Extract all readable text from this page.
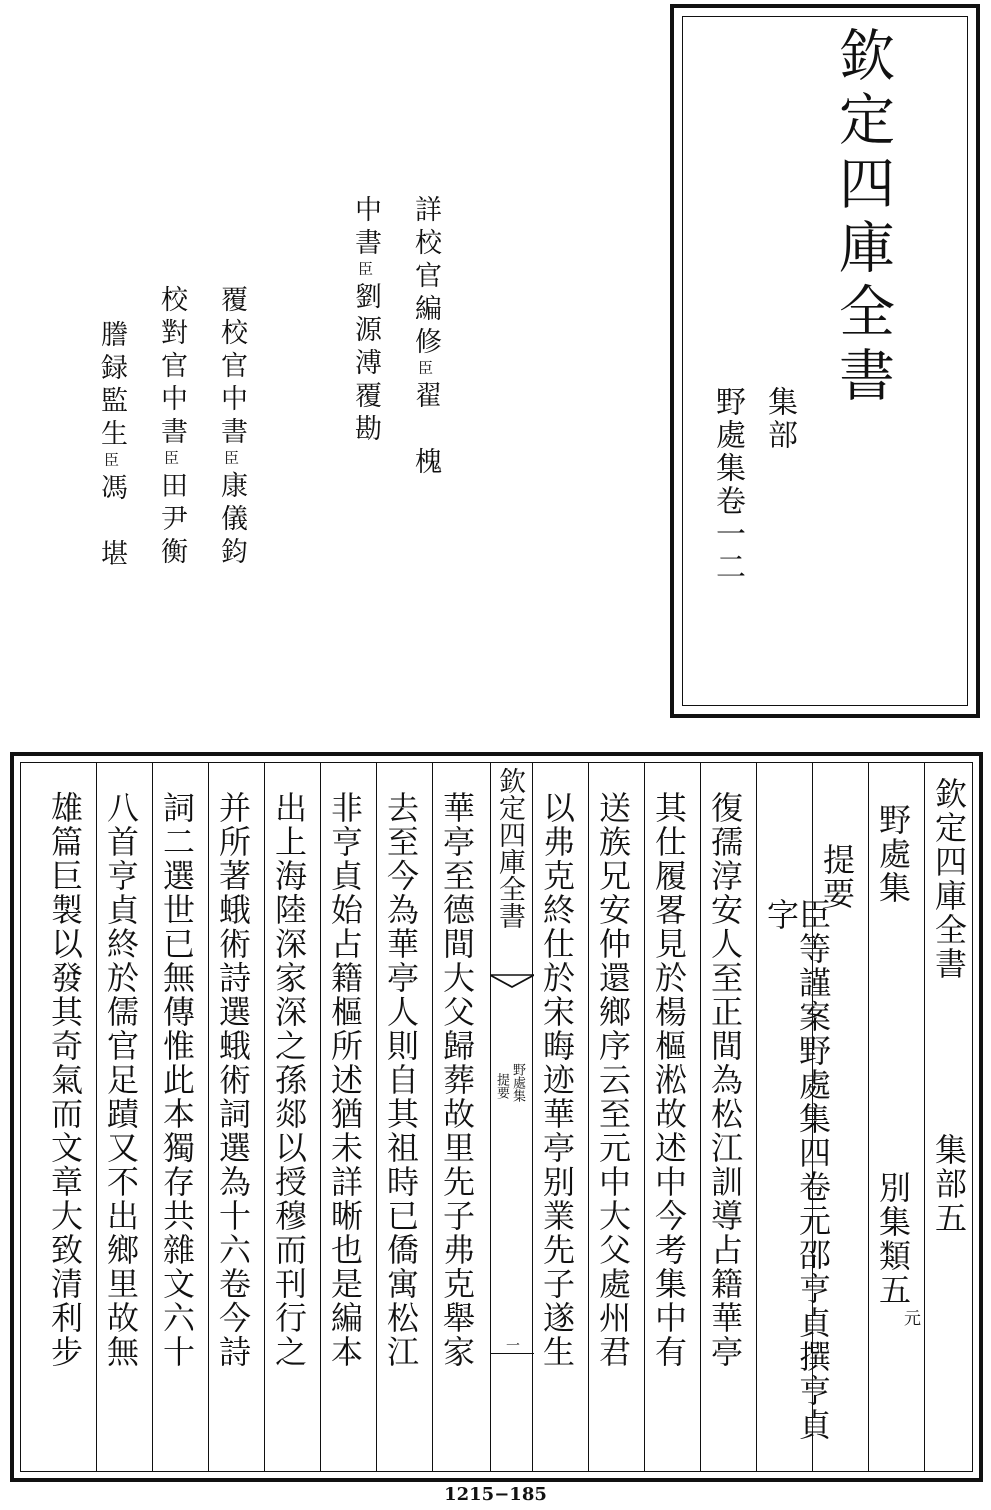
欽定四庫全書
集部
野處集卷一二
詳校官編修臣翟　槐
中書臣劉源溥覆勘
覆校官中書臣康儀鈞
校對官中書臣田尹衡
謄録監生臣馮　堪
欽定四庫全書
集部五
野處集
別集類五
元
提要
臣等謹案野處集四卷元邵亨貞撰亨貞字
復孺淳安人至正間為松江訓導占籍華亭
其仕履畧見於楊樞淞故述中今考集中有
送族兄安仲還鄉序云至元中大父處州君
以弗克終仕於宋晦迹華亭别業先子遂生
欽定四庫全書
野處集
提要
一
華亭至德間大父歸葬故里先子弗克舉家
去至今為華亭人則自其祖時已僑寓松江
非亨貞始占籍樞所述猶未詳晰也是編本
出上海陸深家深之孫郯以授穆而刊行之
并所著蛾術詩選蛾術詞選為十六卷今詩
詞二選世已無傳惟此本獨存共雜文六十
八首亨貞終於儒官足蹟又不出鄉里故無
雄篇巨製以發其奇氣而文章大致清利步
1215−185
